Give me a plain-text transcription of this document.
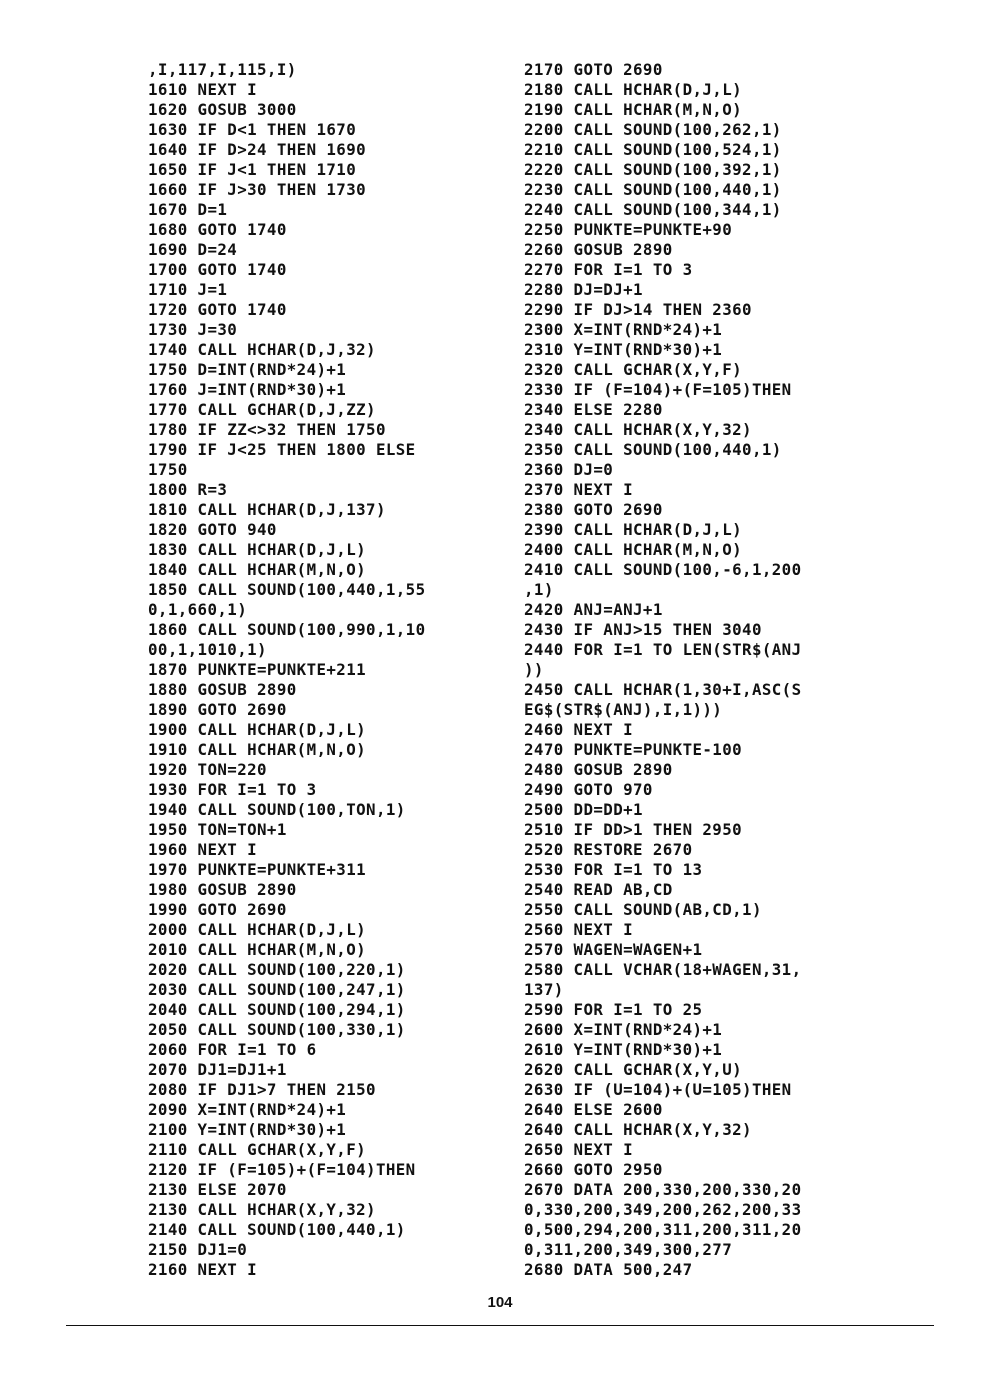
,I,117,I,115,I)
1610 NEXT I
1620 GOSUB 3000
1630 IF D<1 THEN 1670
1640 IF D>24 THEN 1690
1650 IF J<1 THEN 1710
1660 IF J>30 THEN 1730
1670 D=1
1680 GOTO 1740
1690 D=24
1700 GOTO 1740
1710 J=1
1720 GOTO 1740
1730 J=30
1740 CALL HCHAR(D,J,32)
1750 D=INT(RND*24)+1
1760 J=INT(RND*30)+1
1770 CALL GCHAR(D,J,ZZ)
1780 IF ZZ<>32 THEN 1750
1790 IF J<25 THEN 1800 ELSE
1750
1800 R=3
1810 CALL HCHAR(D,J,137)
1820 GOTO 940
1830 CALL HCHAR(D,J,L)
1840 CALL HCHAR(M,N,O)
1850 CALL SOUND(100,440,1,55
0,1,660,1)
1860 CALL SOUND(100,990,1,10
00,1,1010,1)
1870 PUNKTE=PUNKTE+211
1880 GOSUB 2890
1890 GOTO 2690
1900 CALL HCHAR(D,J,L)
1910 CALL HCHAR(M,N,O)
1920 TON=220
1930 FOR I=1 TO 3
1940 CALL SOUND(100,TON,1)
1950 TON=TON+1
1960 NEXT I
1970 PUNKTE=PUNKTE+311
1980 GOSUB 2890
1990 GOTO 2690
2000 CALL HCHAR(D,J,L)
2010 CALL HCHAR(M,N,O)
2020 CALL SOUND(100,220,1)
2030 CALL SOUND(100,247,1)
2040 CALL SOUND(100,294,1)
2050 CALL SOUND(100,330,1)
2060 FOR I=1 TO 6
2070 DJ1=DJ1+1
2080 IF DJ1>7 THEN 2150
2090 X=INT(RND*24)+1
2100 Y=INT(RND*30)+1
2110 CALL GCHAR(X,Y,F)
2120 IF (F=105)+(F=104)THEN
2130 ELSE 2070
2130 CALL HCHAR(X,Y,32)
2140 CALL SOUND(100,440,1)
2150 DJ1=0
2160 NEXT I
2170 GOTO 2690
2180 CALL HCHAR(D,J,L)
2190 CALL HCHAR(M,N,O)
2200 CALL SOUND(100,262,1)
2210 CALL SOUND(100,524,1)
2220 CALL SOUND(100,392,1)
2230 CALL SOUND(100,440,1)
2240 CALL SOUND(100,344,1)
2250 PUNKTE=PUNKTE+90
2260 GOSUB 2890
2270 FOR I=1 TO 3
2280 DJ=DJ+1
2290 IF DJ>14 THEN 2360
2300 X=INT(RND*24)+1
2310 Y=INT(RND*30)+1
2320 CALL GCHAR(X,Y,F)
2330 IF (F=104)+(F=105)THEN
2340 ELSE 2280
2340 CALL HCHAR(X,Y,32)
2350 CALL SOUND(100,440,1)
2360 DJ=0
2370 NEXT I
2380 GOTO 2690
2390 CALL HCHAR(D,J,L)
2400 CALL HCHAR(M,N,O)
2410 CALL SOUND(100,-6,1,200
,1)
2420 ANJ=ANJ+1
2430 IF ANJ>15 THEN 3040
2440 FOR I=1 TO LEN(STR$(ANJ
))
2450 CALL HCHAR(1,30+I,ASC(S
EG$(STR$(ANJ),I,1)))
2460 NEXT I
2470 PUNKTE=PUNKTE-100
2480 GOSUB 2890
2490 GOTO 970
2500 DD=DD+1
2510 IF DD>1 THEN 2950
2520 RESTORE 2670
2530 FOR I=1 TO 13
2540 READ AB,CD
2550 CALL SOUND(AB,CD,1)
2560 NEXT I
2570 WAGEN=WAGEN+1
2580 CALL VCHAR(18+WAGEN,31,
137)
2590 FOR I=1 TO 25
2600 X=INT(RND*24)+1
2610 Y=INT(RND*30)+1
2620 CALL GCHAR(X,Y,U)
2630 IF (U=104)+(U=105)THEN
2640 ELSE 2600
2640 CALL HCHAR(X,Y,32)
2650 NEXT I
2660 GOTO 2950
2670 DATA 200,330,200,330,20
0,330,200,349,200,262,200,33
0,500,294,200,311,200,311,20
0,311,200,349,300,277
2680 DATA 500,247
104
